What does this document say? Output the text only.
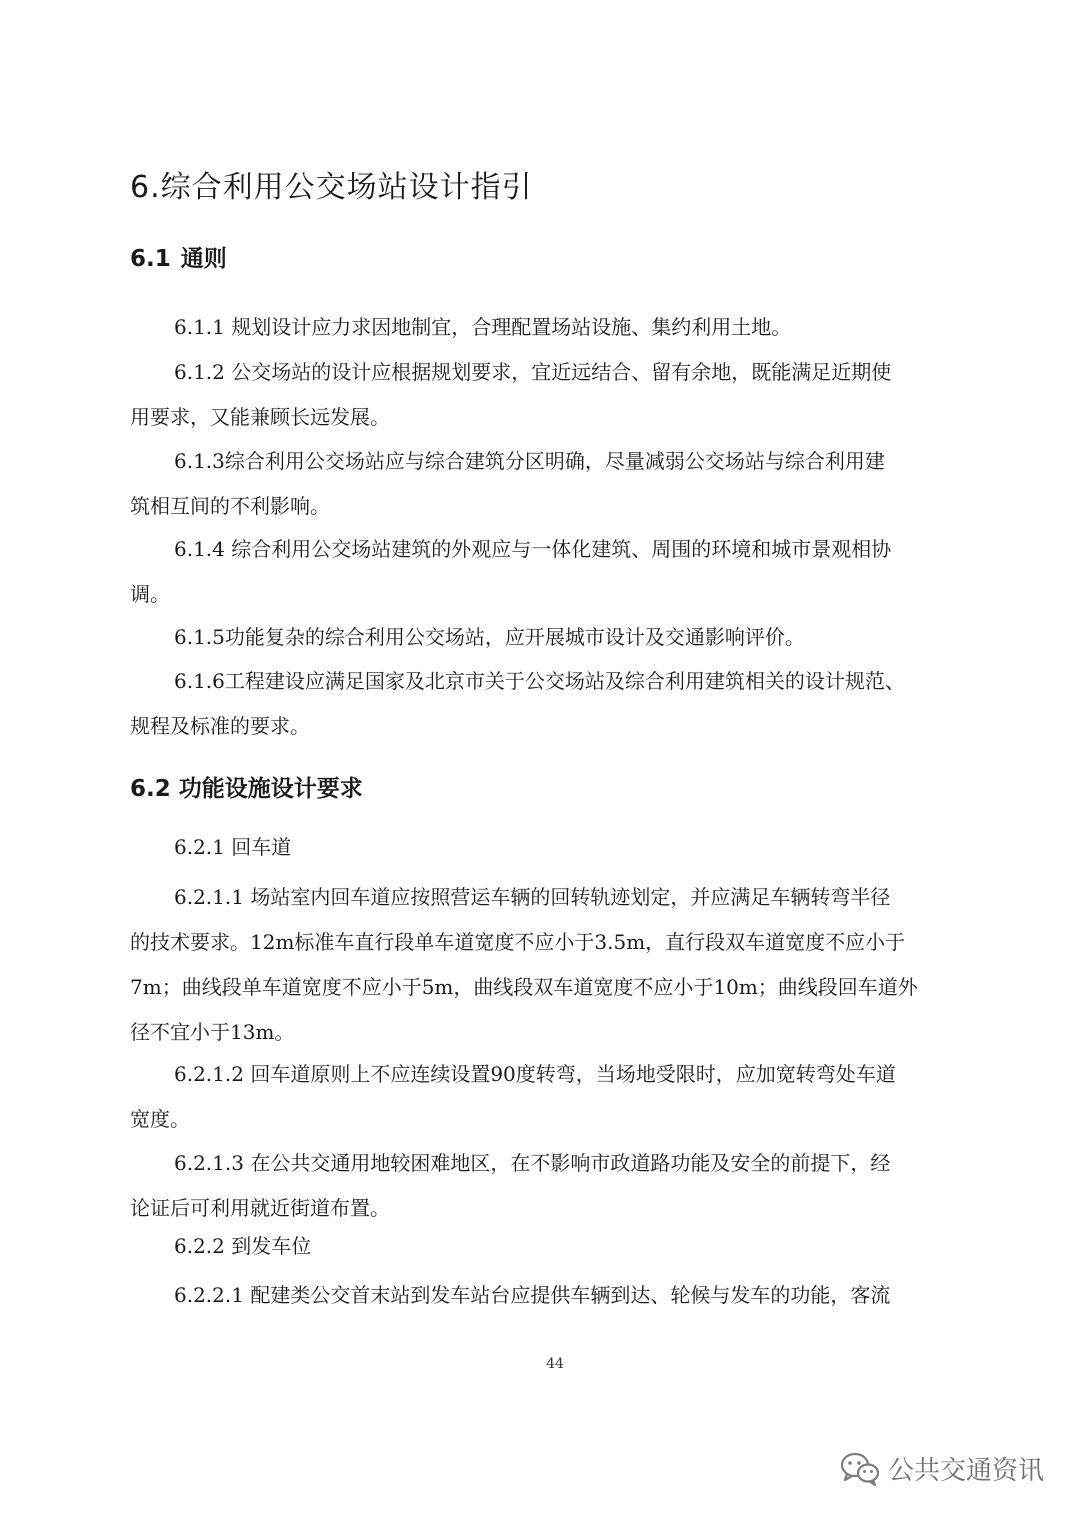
6.综合利用公交场站设计指引
6.1 通则

6.1.1 规划设计应力求因地制宜，合理配置场站设施、集约利用土地。

6.1.2 公交场站的设计应根据规划要求，宜近远结合、留有余地，既能满足近期使
用要求，又能兼顾长远发展。

6.1.3综合利用公交场站应与综合建筑分区明确，尽量减弱公交场站与综合利用建
筑相互间的不利影响。

6.1.4 综合利用公交场站建筑的外观应与一体化建筑、周围的环境和城市景观相协
调。

6.1.5功能复杂的综合利用公交场站，应开展城市设计及交通影响评价。

6.1.6工程建设应满足国家及北京市关于公交场站及综合利用建筑相关的设计规范、
规程及标准的要求。

6.2 功能设施设计要求

6.2.1 回车道

6.2.1.1 场站室内回车道应按照营运车辆的回转轨迹划定，并应满足车辆转弯半径
的技术要求。12m标准车直行段单车道宽度不应小于3.5m，直行段双车道宽度不应小于
7m；曲线段单车道宽度不应小于5m，曲线段双车道宽度不应小于10m；曲线段回车道外
径不宜小于13m。

6.2.1.2 回车道原则上不应连续设置90度转弯，当场地受限时，应加宽转弯处车道
宽度。

6.2.1.3 在公共交通用地较困难地区，在不影响市政道路功能及安全的前提下，经
论证后可利用就近街道布置。

6.2.2 到发车位

6.2.2.1 配建类公交首末站到发车站台应提供车辆到达、轮候与发车的功能，客流

44
公共交通资讯
